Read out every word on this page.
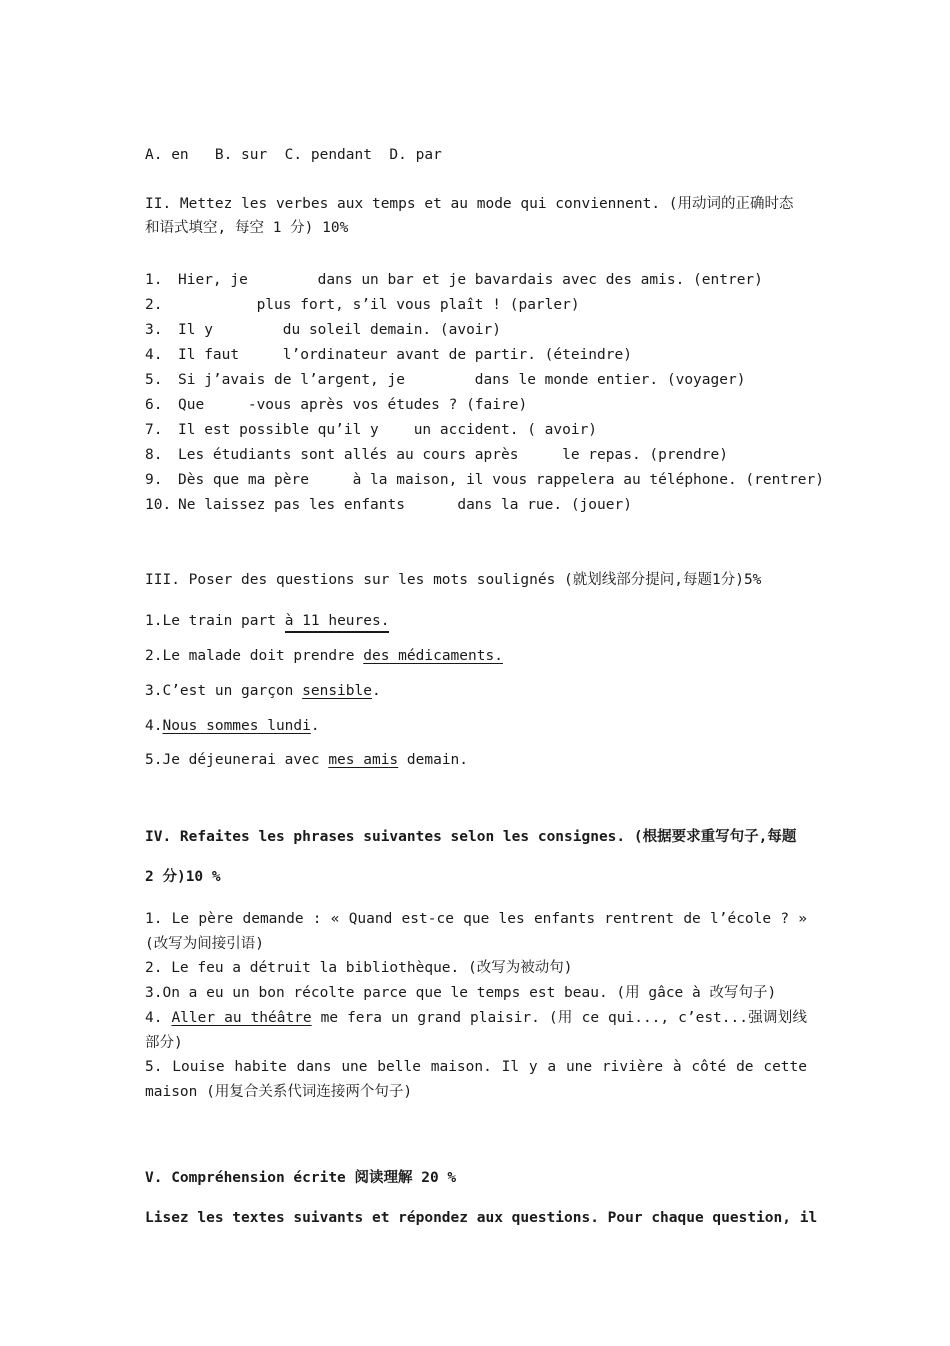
A. en   B. sur  C. pendant  D. par
II. Mettez les verbes aux temps et au mode qui conviennent. (用动词的正确时态和语式填空, 每空 1 分) 10%
1. Hier, je        dans un bar et je bavardais avec des amis. (entrer)
2.         plus fort, s’il vous plaît ! (parler)
3. Il y        du soleil demain. (avoir)
4. Il faut     l’ordinateur avant de partir. (éteindre)
5. Si j’avais de l’argent, je        dans le monde entier. (voyager)
6. Que     -vous après vos études ? (faire)
7. Il est possible qu’il y    un accident. ( avoir)
8. Les étudiants sont allés au cours après     le repas. (prendre)
9. Dès que ma père     à la maison, il vous rappelera au téléphone. (rentrer)
10. Ne laissez pas les enfants      dans la rue. (jouer)
III. Poser des questions sur les mots soulignés (就划线部分提问,每题1分)5%
1.Le train part à 11 heures.
2.Le malade doit prendre des médicaments.
3.C’est un garçon sensible.
4.Nous sommes lundi.
5.Je déjeunerai avec mes amis demain.
IV. Refaites les phrases suivantes selon les consignes. (根据要求重写句子,每题
2 分)10 %
1. Le père demande : « Quand est-ce que les enfants rentrent de l’école ? » (改写为间接引语)
2. Le feu a détruit la bibliothèque. (改写为被动句)
3.On a eu un bon récolte parce que le temps est beau. (用 gâce à 改写句子)
4. Aller au théâtre me fera un grand plaisir. (用 ce qui..., c’est...强调划线部分)
5. Louise habite dans une belle maison. Il y a une rivière à côté de cette maison (用复合关系代词连接两个句子)
V. Compréhension écrite 阅读理解 20 %
Lisez les textes suivants et répondez aux questions. Pour chaque question, il
